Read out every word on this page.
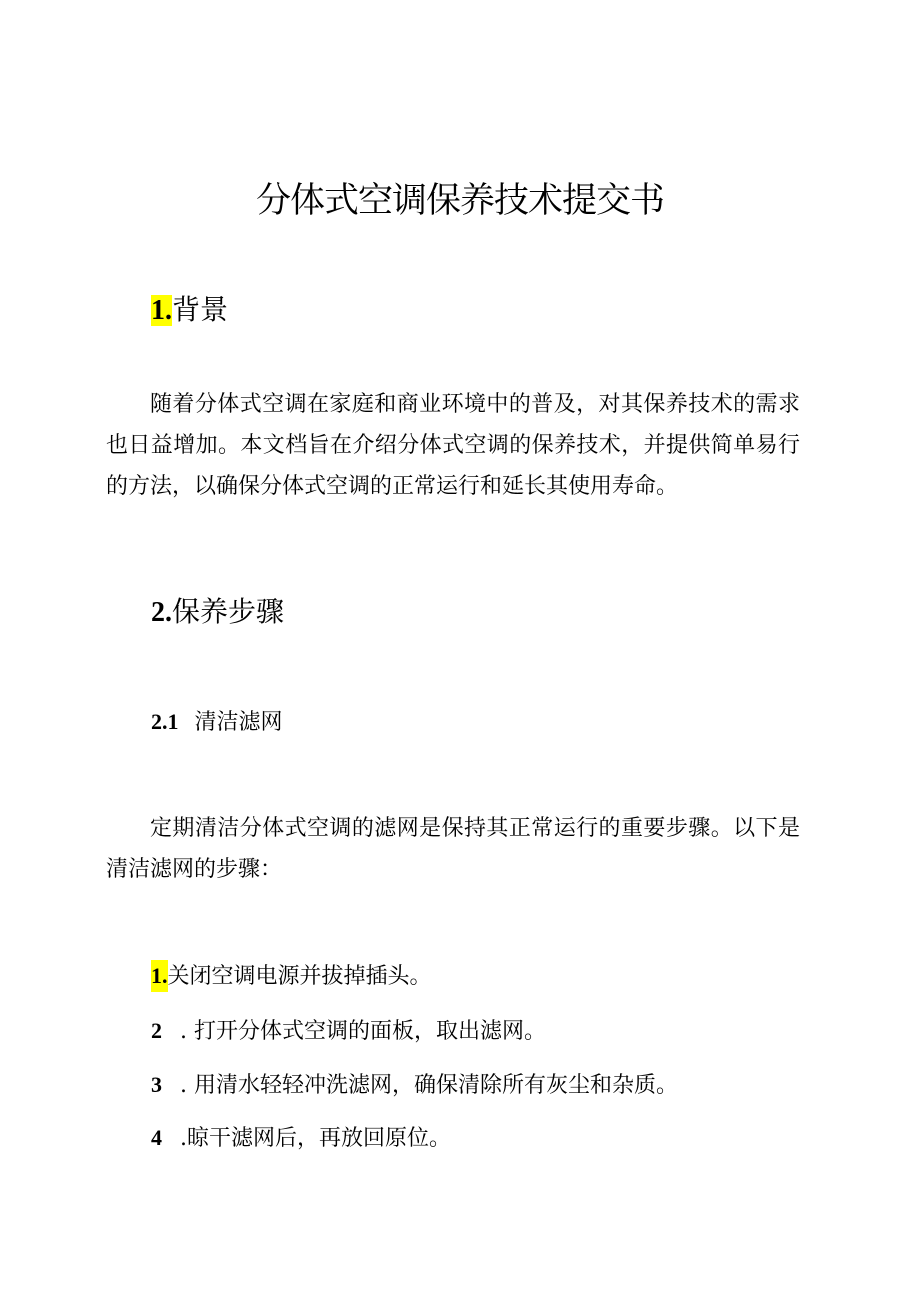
分体式空调保养技术提交书
1.背景
随着分体式空调在家庭和商业环境中的普及，对其保养技术的需求也日益增加。本文档旨在介绍分体式空调的保养技术，并提供简单易行的方法，以确保分体式空调的正常运行和延长其使用寿命。
2.保养步骤
2.1 清洁滤网
定期清洁分体式空调的滤网是保持其正常运行的重要步骤。以下是清洁滤网的步骤：
1.关闭空调电源并拔掉插头。
2 . 打开分体式空调的面板，取出滤网。
3 . 用清水轻轻冲洗滤网，确保清除所有灰尘和杂质。
4 .晾干滤网后，再放回原位。
